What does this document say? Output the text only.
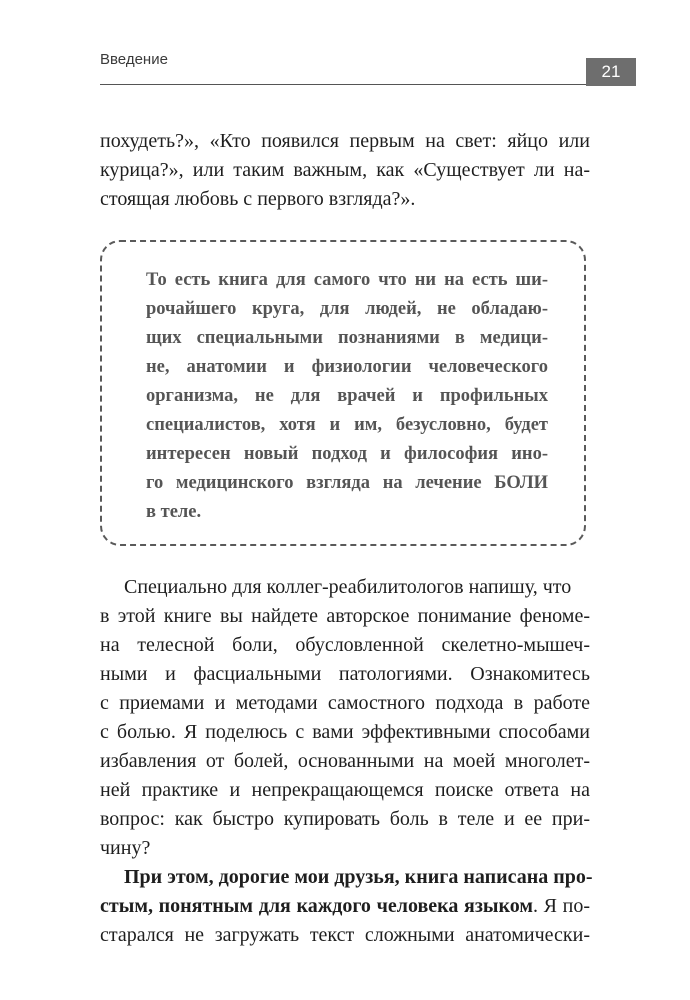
Введение
21
похудеть?», «Кто появился первым на свет: яйцо или
курица?», или таким важным, как «Существует ли на-
стоящая любовь с первого взгляда?».
То есть книга для самого что ни на есть ши-
рочайшего круга, для людей, не обладаю-
щих специальными познаниями в медици-
не, анатомии и физиологии человеческого
организма, не для врачей и профильных
специалистов, хотя и им, безусловно, будет
интересен новый подход и философия ино-
го медицинского взгляда на лечение БОЛИ
в теле.
Специально для коллег-реабилитологов напишу, что
в этой книге вы найдете авторское понимание феноме-
на телесной боли, обусловленной скелетно-мышеч-
ными и фасциальными патологиями. Ознакомитесь
с приемами и методами самостного подхода в работе
с болью. Я поделюсь с вами эффективными способами
избавления от болей, основанными на моей многолет-
ней практике и непрекращающемся поиске ответа на
вопрос: как быстро купировать боль в теле и ее при-
чину?
При этом, дорогие мои друзья, книга написана про-
стым, понятным для каждого человека языком. Я по-
старался не загружать текст сложными анатомически-
